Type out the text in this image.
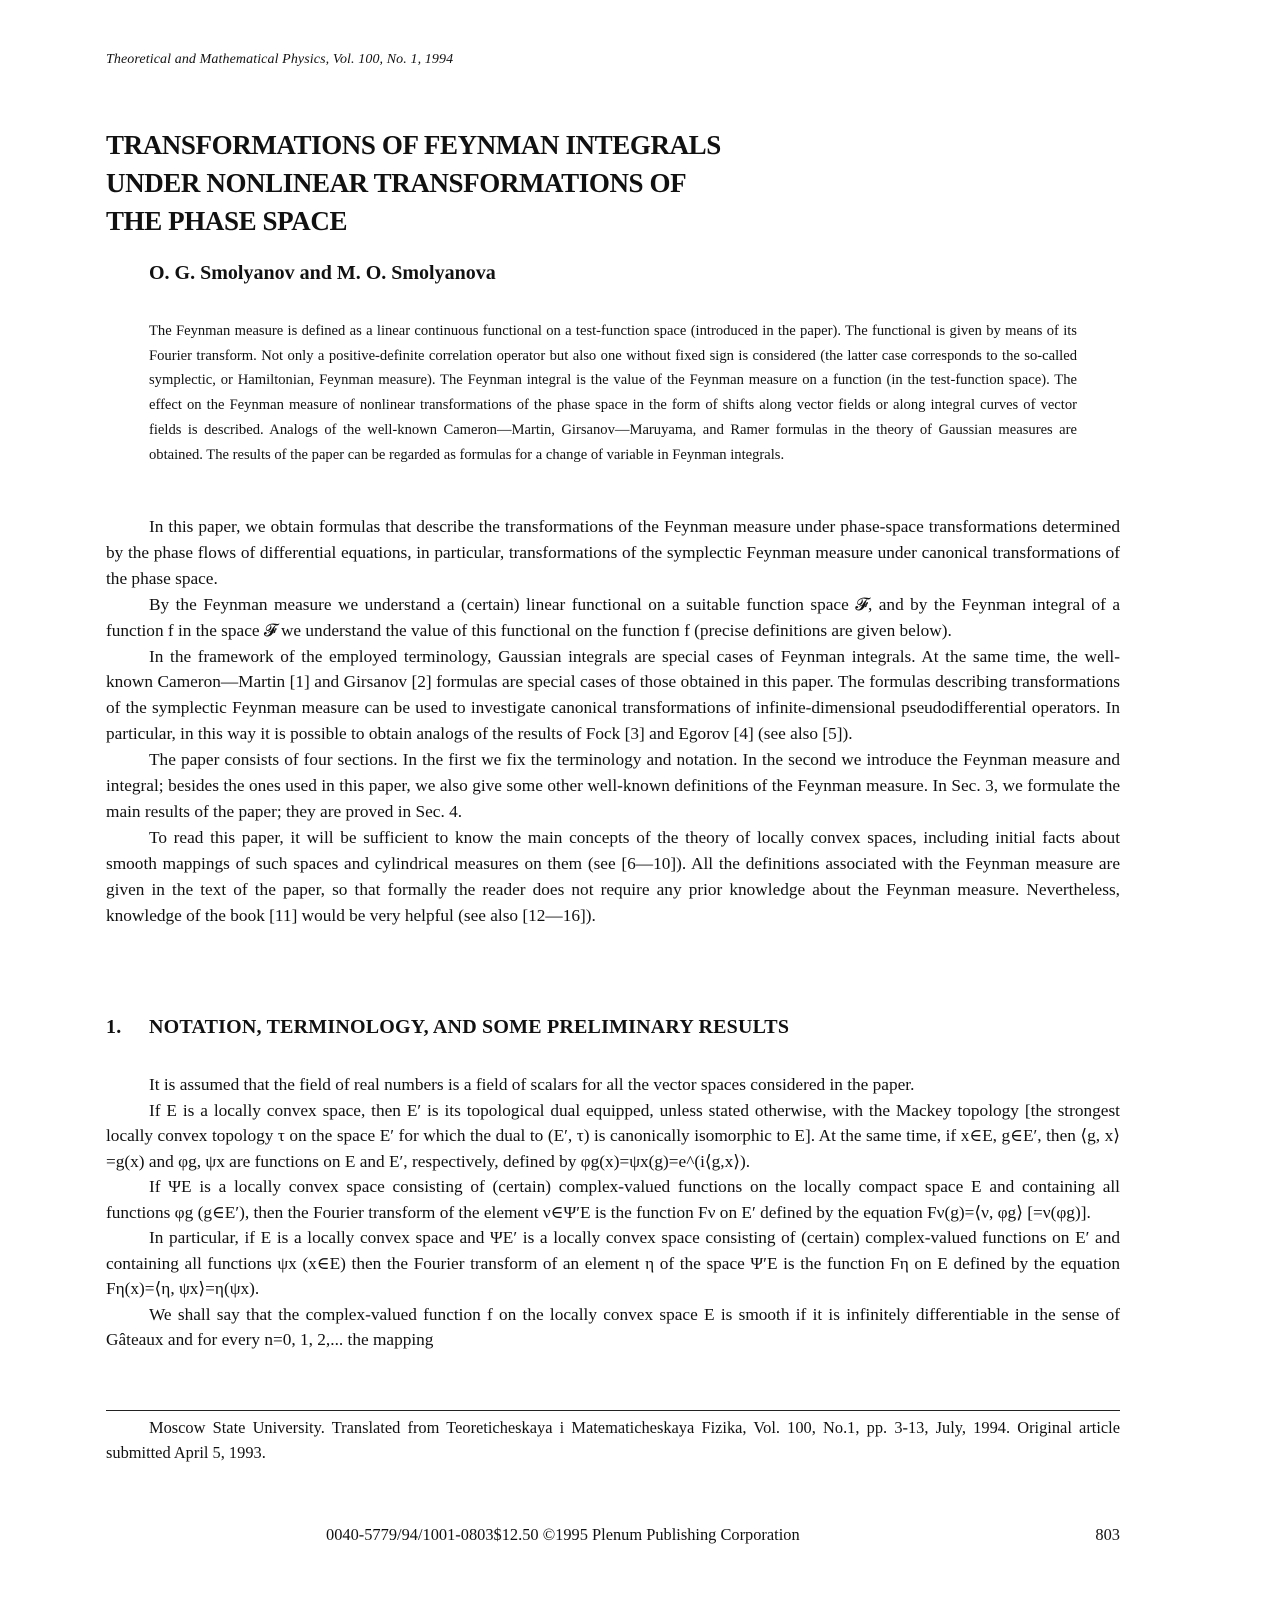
Theoretical and Mathematical Physics, Vol. 100, No. 1, 1994
TRANSFORMATIONS OF FEYNMAN INTEGRALS
UNDER NONLINEAR TRANSFORMATIONS OF
THE PHASE SPACE
O. G. Smolyanov and M. O. Smolyanova
The Feynman measure is defined as a linear continuous functional on a test-function space (introduced in the paper). The functional is given by means of its Fourier transform. Not only a positive-definite correlation operator but also one without fixed sign is considered (the latter case corresponds to the so-called symplectic, or Hamiltonian, Feynman measure). The Feynman integral is the value of the Feynman measure on a function (in the test-function space). The effect on the Feynman measure of nonlinear transformations of the phase space in the form of shifts along vector fields or along integral curves of vector fields is described. Analogs of the well-known Cameron—Martin, Girsanov—Maruyama, and Ramer formulas in the theory of Gaussian measures are obtained. The results of the paper can be regarded as formulas for a change of variable in Feynman integrals.

In this paper, we obtain formulas that describe the transformations of the Feynman measure under phase-space transformations determined by the phase flows of differential equations, in particular, transformations of the symplectic Feynman measure under canonical transformations of the phase space.

By the Feynman measure we understand a (certain) linear functional on a suitable function space 𝓕, and by the Feynman integral of a function f in the space 𝓕 we understand the value of this functional on the function f (precise definitions are given below).

In the framework of the employed terminology, Gaussian integrals are special cases of Feynman integrals. At the same time, the well-known Cameron—Martin [1] and Girsanov [2] formulas are special cases of those obtained in this paper. The formulas describing transformations of the symplectic Feynman measure can be used to investigate canonical transformations of infinite-dimensional pseudodifferential operators. In particular, in this way it is possible to obtain analogs of the results of Fock [3] and Egorov [4] (see also [5]).

The paper consists of four sections. In the first we fix the terminology and notation. In the second we introduce the Feynman measure and integral; besides the ones used in this paper, we also give some other well-known definitions of the Feynman measure. In Sec. 3, we formulate the main results of the paper; they are proved in Sec. 4.

To read this paper, it will be sufficient to know the main concepts of the theory of locally convex spaces, including initial facts about smooth mappings of such spaces and cylindrical measures on them (see [6—10]). All the definitions associated with the Feynman measure are given in the text of the paper, so that formally the reader does not require any prior knowledge about the Feynman measure. Nevertheless, knowledge of the book [11] would be very helpful (see also [12—16]).

1. NOTATION, TERMINOLOGY, AND SOME PRELIMINARY RESULTS

It is assumed that the field of real numbers is a field of scalars for all the vector spaces considered in the paper.

If E is a locally convex space, then E′ is its topological dual equipped, unless stated otherwise, with the Mackey topology [the strongest locally convex topology τ on the space E′ for which the dual to (E′, τ) is canonically isomorphic to E]. At the same time, if x∈E, g∈E′, then ⟨g, x⟩=g(x) and φg, ψx are functions on E and E′, respectively, defined by φg(x)=ψx(g)=e^(i⟨g,x⟩).

If ΨE is a locally convex space consisting of (certain) complex-valued functions on the locally compact space E and containing all functions φg (g∈E′), then the Fourier transform of the element ν∈Ψ′E is the function Fν on E′ defined by the equation Fν(g)=⟨ν, φg⟩ [=ν(φg)].

In particular, if E is a locally convex space and ΨE′ is a locally convex space consisting of (certain) complex-valued functions on E′ and containing all functions ψx (x∈E) then the Fourier transform of an element η of the space Ψ′E is the function Fη on E defined by the equation Fη(x)=⟨η, ψx⟩=η(ψx).

We shall say that the complex-valued function f on the locally convex space E is smooth if it is infinitely differentiable in the sense of Gâteaux and for every n=0, 1, 2,... the mapping

Moscow State University. Translated from Teoreticheskaya i Matematicheskaya Fizika, Vol. 100, No.1, pp. 3-13, July, 1994. Original article submitted April 5, 1993.
0040-5779/94/1001-0803$12.50 ©1995 Plenum Publishing Corporation	803
